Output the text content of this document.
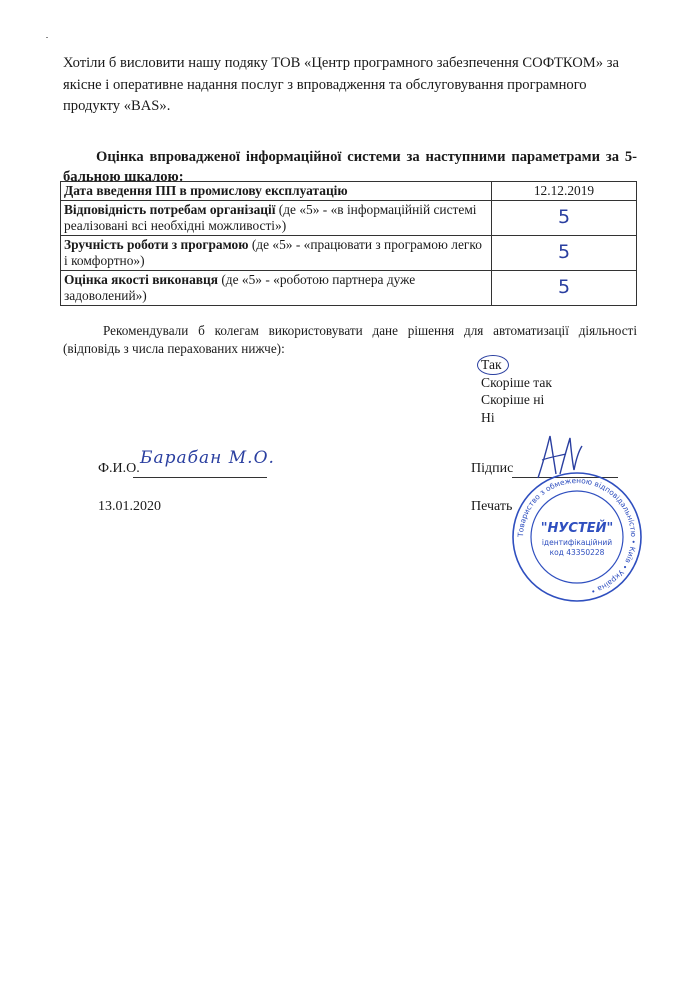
Хотіли б висловити нашу подяку ТОВ «Центр програмного забезпечення СОФТКОМ» за якісне і оперативне надання послуг з впровадження та обслуговування програмного продукту «BAS».
Оцінка впровадженої інформаційної системи за наступними параметрами за 5-бальною шкалою:
Дата введення ПП в промислову експлуатацію	12.12.2019
Відповідність потребам організації (де «5» - «в інформаційній системі реалізовані всі необхідні можливості»)	5
Зручність роботи з програмою (де «5» - «працювати з програмою легко і комфортно»)	5
Оцінка якості виконавця (де «5» - «роботою партнера дуже задоволений»)	5
Рекомендували б колегам використовувати дане рішення для автоматизації діяльності (відповідь з числа перахованих нижче):
Так
Скоріше так
Скоріше ні
Ні
Ф.И.О.
Барабан М.О.
13.01.2020
Підпис
Печать
Товариство з обмеженою відповідальністю • Київ • Україна •
"НУСТЕЙ"
ідентифікаційний
код 43350228
